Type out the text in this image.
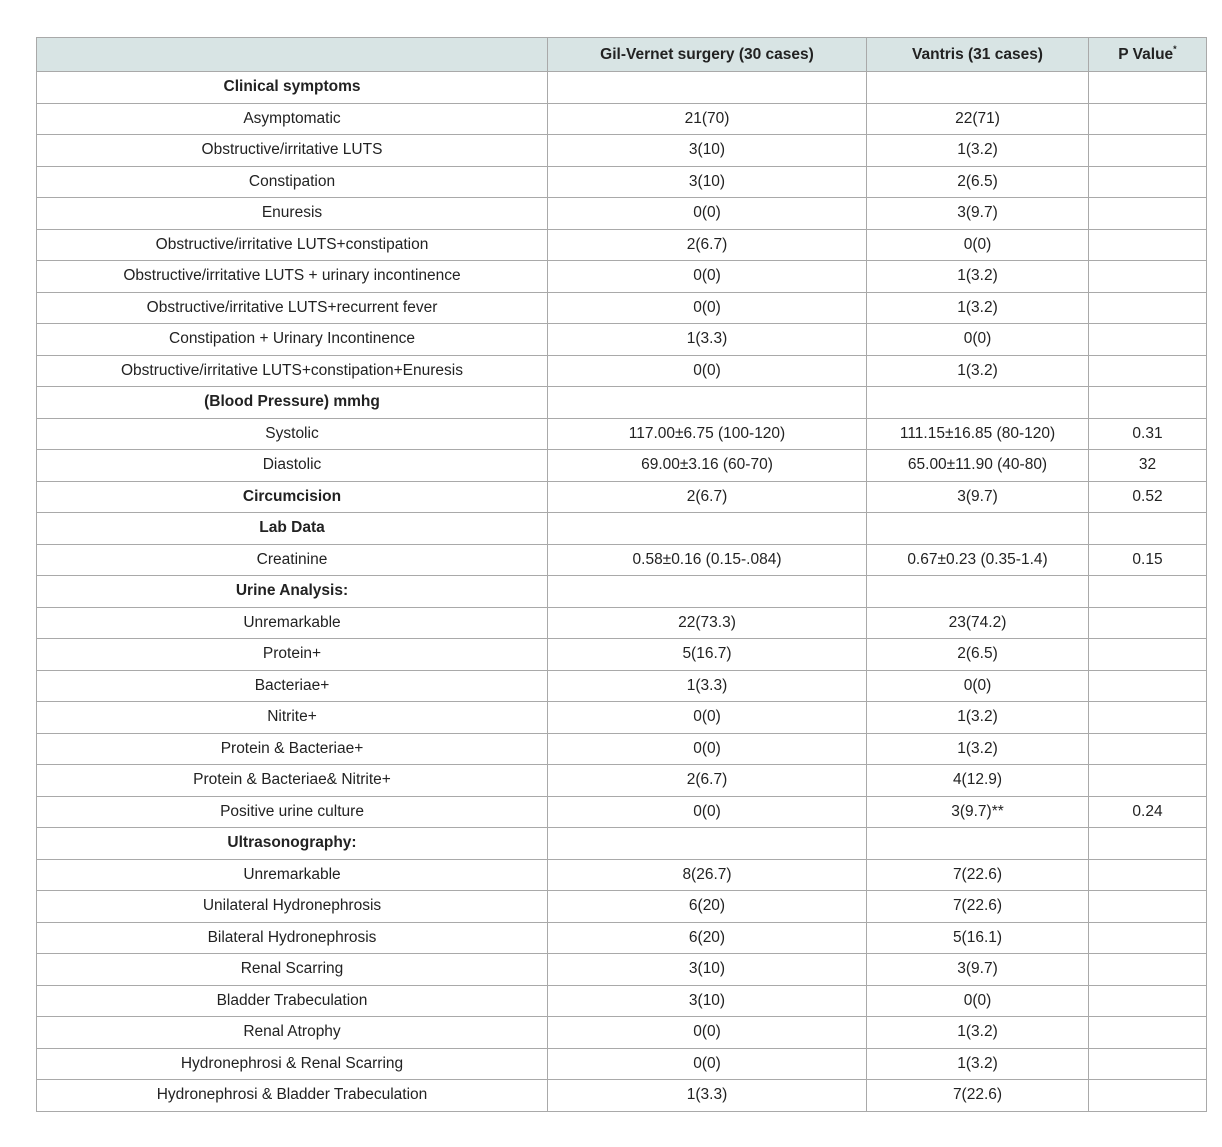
	Gil-Vernet surgery (30 cases)	Vantris (31 cases)	P Value*
Clinical symptoms			
Asymptomatic	21(70)	22(71)	
Obstructive/irritative LUTS	3(10)	1(3.2)	
Constipation	3(10)	2(6.5)	
Enuresis	0(0)	3(9.7)	
Obstructive/irritative LUTS+constipation	2(6.7)	0(0)	
Obstructive/irritative LUTS + urinary incontinence	0(0)	1(3.2)	
Obstructive/irritative LUTS+recurrent fever	0(0)	1(3.2)	
Constipation + Urinary Incontinence	1(3.3)	0(0)	
Obstructive/irritative LUTS+constipation+Enuresis	0(0)	1(3.2)	
(Blood Pressure) mmhg			
Systolic	117.00±6.75 (100-120)	111.15±16.85 (80-120)	0.31
Diastolic	69.00±3.16 (60-70)	65.00±11.90 (40-80)	32
Circumcision	2(6.7)	3(9.7)	0.52
Lab Data			
Creatinine	0.58±0.16 (0.15-.084)	0.67±0.23 (0.35-1.4)	0.15
Urine Analysis:			
Unremarkable	22(73.3)	23(74.2)	
Protein+	5(16.7)	2(6.5)	
Bacteriae+	1(3.3)	0(0)	
Nitrite+	0(0)	1(3.2)	
Protein & Bacteriae+	0(0)	1(3.2)	
Protein & Bacteriae& Nitrite+	2(6.7)	4(12.9)	
Positive urine culture	0(0)	3(9.7)**	0.24
Ultrasonography:			
Unremarkable	8(26.7)	7(22.6)	
Unilateral Hydronephrosis	6(20)	7(22.6)	
Bilateral Hydronephrosis	6(20)	5(16.1)	
Renal Scarring	3(10)	3(9.7)	
Bladder Trabeculation	3(10)	0(0)	
Renal Atrophy	0(0)	1(3.2)	
Hydronephrosi & Renal Scarring	0(0)	1(3.2)	
Hydronephrosi & Bladder Trabeculation	1(3.3)	7(22.6)	
